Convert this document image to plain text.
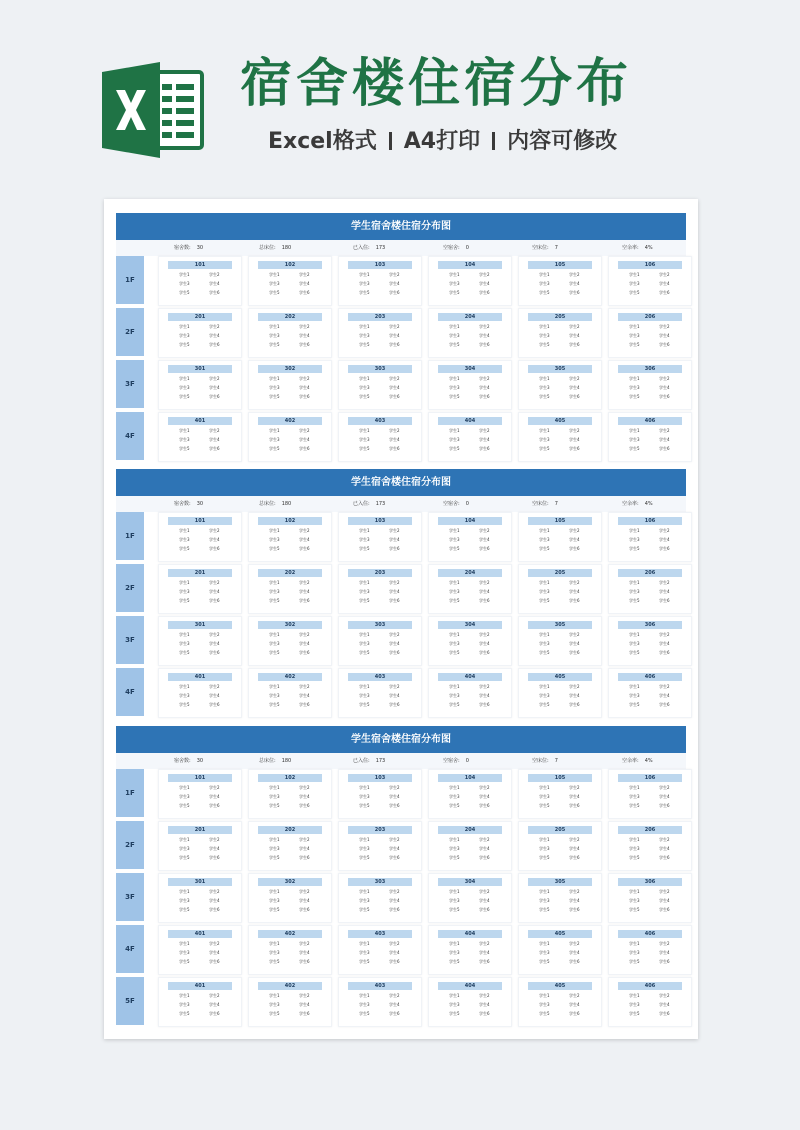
宿舍楼住宿分布
Excel格式 A4打印 内容可修改
学生宿舍楼住宿分布图
宿舍数: 30	总床位: 180	已入住: 173	空宿舍: 0	空床位: 7	空余率: 4%
1F
101
学生1	学生2
学生3	学生4
学生5	学生6
102
学生1	学生2
学生3	学生4
学生5	学生6
103
学生1	学生2
学生3	学生4
学生5	学生6
104
学生1	学生2
学生3	学生4
学生5	学生6
105
学生1	学生2
学生3	学生4
学生5	学生6
106
学生1	学生2
学生3	学生4
学生5	学生6
2F
201
学生1	学生2
学生3	学生4
学生5	学生6
202
学生1	学生2
学生3	学生4
学生5	学生6
203
学生1	学生2
学生3	学生4
学生5	学生6
204
学生1	学生2
学生3	学生4
学生5	学生6
205
学生1	学生2
学生3	学生4
学生5	学生6
206
学生1	学生2
学生3	学生4
学生5	学生6
3F
301
学生1	学生2
学生3	学生4
学生5	学生6
302
学生1	学生2
学生3	学生4
学生5	学生6
303
学生1	学生2
学生3	学生4
学生5	学生6
304
学生1	学生2
学生3	学生4
学生5	学生6
305
学生1	学生2
学生3	学生4
学生5	学生6
306
学生1	学生2
学生3	学生4
学生5	学生6
4F
401
学生1	学生2
学生3	学生4
学生5	学生6
402
学生1	学生2
学生3	学生4
学生5	学生6
403
学生1	学生2
学生3	学生4
学生5	学生6
404
学生1	学生2
学生3	学生4
学生5	学生6
405
学生1	学生2
学生3	学生4
学生5	学生6
406
学生1	学生2
学生3	学生4
学生5	学生6
学生宿舍楼住宿分布图
宿舍数: 30	总床位: 180	已入住: 173	空宿舍: 0	空床位: 7	空余率: 4%
1F
101
学生1	学生2
学生3	学生4
学生5	学生6
102
学生1	学生2
学生3	学生4
学生5	学生6
103
学生1	学生2
学生3	学生4
学生5	学生6
104
学生1	学生2
学生3	学生4
学生5	学生6
105
学生1	学生2
学生3	学生4
学生5	学生6
106
学生1	学生2
学生3	学生4
学生5	学生6
2F
201
学生1	学生2
学生3	学生4
学生5	学生6
202
学生1	学生2
学生3	学生4
学生5	学生6
203
学生1	学生2
学生3	学生4
学生5	学生6
204
学生1	学生2
学生3	学生4
学生5	学生6
205
学生1	学生2
学生3	学生4
学生5	学生6
206
学生1	学生2
学生3	学生4
学生5	学生6
3F
301
学生1	学生2
学生3	学生4
学生5	学生6
302
学生1	学生2
学生3	学生4
学生5	学生6
303
学生1	学生2
学生3	学生4
学生5	学生6
304
学生1	学生2
学生3	学生4
学生5	学生6
305
学生1	学生2
学生3	学生4
学生5	学生6
306
学生1	学生2
学生3	学生4
学生5	学生6
4F
401
学生1	学生2
学生3	学生4
学生5	学生6
402
学生1	学生2
学生3	学生4
学生5	学生6
403
学生1	学生2
学生3	学生4
学生5	学生6
404
学生1	学生2
学生3	学生4
学生5	学生6
405
学生1	学生2
学生3	学生4
学生5	学生6
406
学生1	学生2
学生3	学生4
学生5	学生6
学生宿舍楼住宿分布图
宿舍数: 30	总床位: 180	已入住: 173	空宿舍: 0	空床位: 7	空余率: 4%
1F
101
学生1	学生2
学生3	学生4
学生5	学生6
102
学生1	学生2
学生3	学生4
学生5	学生6
103
学生1	学生2
学生3	学生4
学生5	学生6
104
学生1	学生2
学生3	学生4
学生5	学生6
105
学生1	学生2
学生3	学生4
学生5	学生6
106
学生1	学生2
学生3	学生4
学生5	学生6
2F
201
学生1	学生2
学生3	学生4
学生5	学生6
202
学生1	学生2
学生3	学生4
学生5	学生6
203
学生1	学生2
学生3	学生4
学生5	学生6
204
学生1	学生2
学生3	学生4
学生5	学生6
205
学生1	学生2
学生3	学生4
学生5	学生6
206
学生1	学生2
学生3	学生4
学生5	学生6
3F
301
学生1	学生2
学生3	学生4
学生5	学生6
302
学生1	学生2
学生3	学生4
学生5	学生6
303
学生1	学生2
学生3	学生4
学生5	学生6
304
学生1	学生2
学生3	学生4
学生5	学生6
305
学生1	学生2
学生3	学生4
学生5	学生6
306
学生1	学生2
学生3	学生4
学生5	学生6
4F
401
学生1	学生2
学生3	学生4
学生5	学生6
402
学生1	学生2
学生3	学生4
学生5	学生6
403
学生1	学生2
学生3	学生4
学生5	学生6
404
学生1	学生2
学生3	学生4
学生5	学生6
405
学生1	学生2
学生3	学生4
学生5	学生6
406
学生1	学生2
学生3	学生4
学生5	学生6
5F
401
学生1	学生2
学生3	学生4
学生5	学生6
402
学生1	学生2
学生3	学生4
学生5	学生6
403
学生1	学生2
学生3	学生4
学生5	学生6
404
学生1	学生2
学生3	学生4
学生5	学生6
405
学生1	学生2
学生3	学生4
学生5	学生6
406
学生1	学生2
学生3	学生4
学生5	学生6
